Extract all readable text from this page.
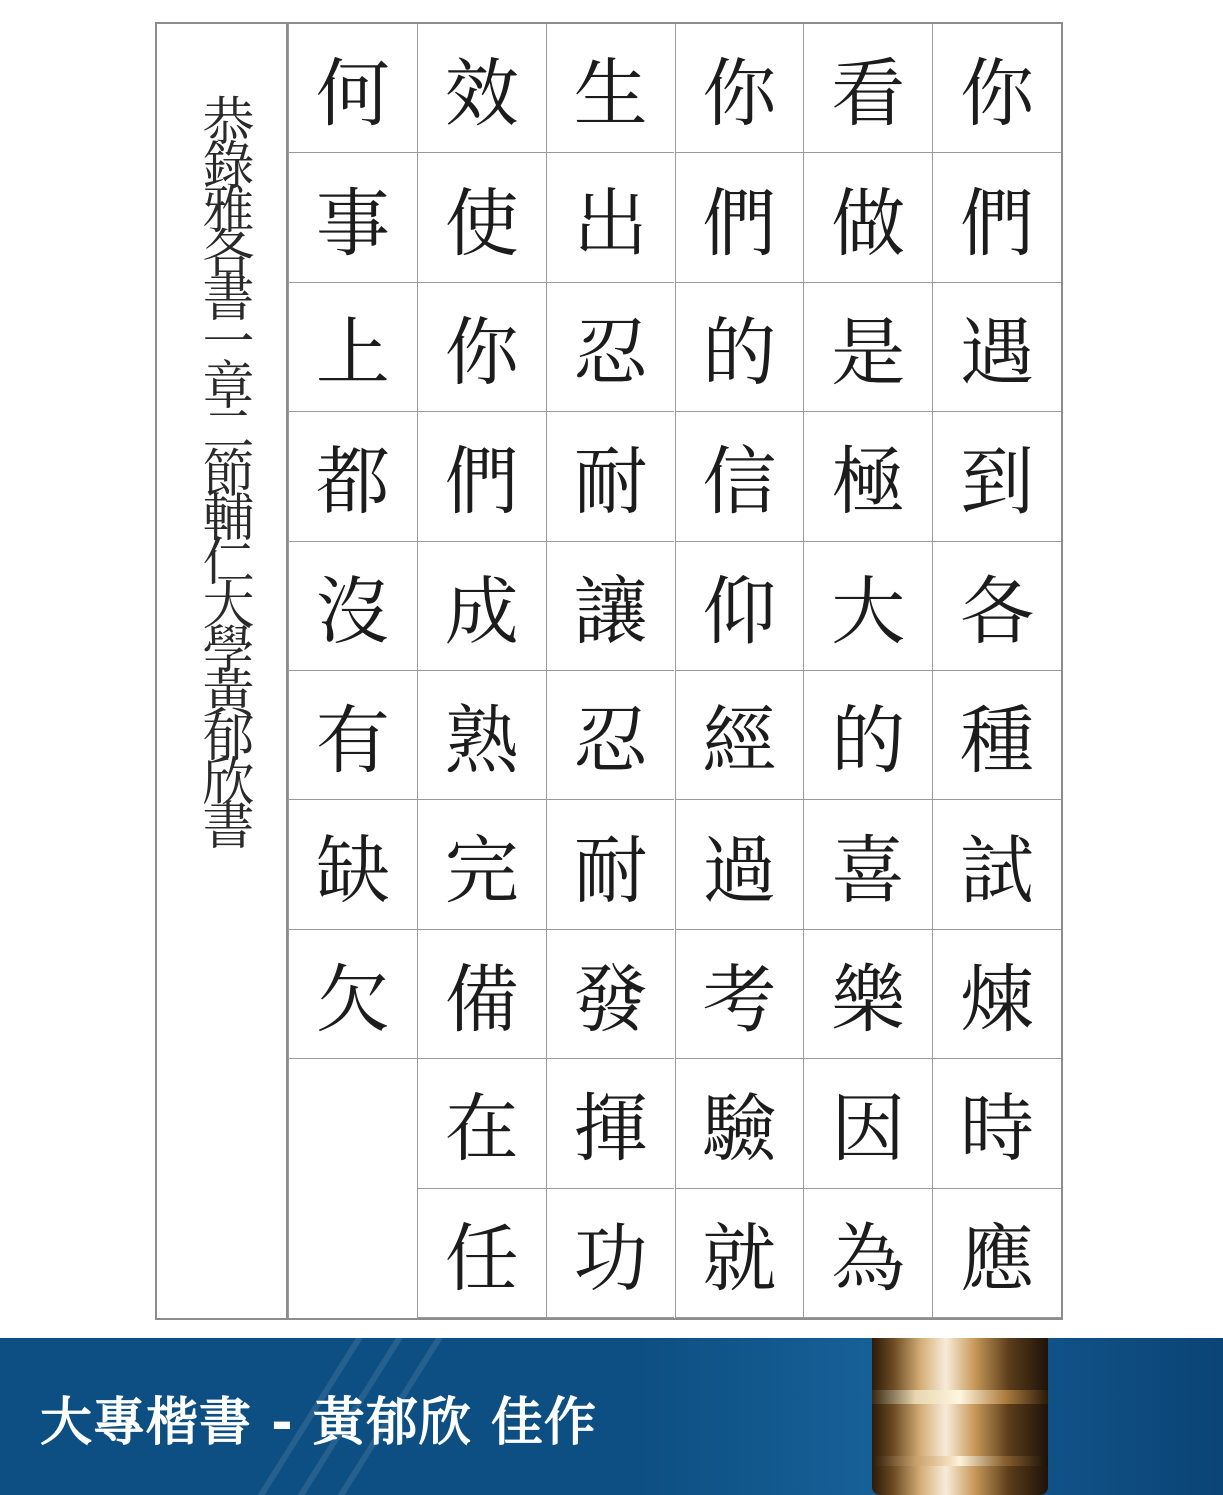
恭錄雅各書一章二節輔仁大學黃郁欣書 何
事
上
都
沒
有
缺
欠
效
使
你
們
成
熟
完
備
在
任
生
出
忍
耐
讓
忍
耐
發
揮
功
你
們
的
信
仰
經
過
考
驗
就
看
做
是
極
大
的
喜
樂
因
為
你
們
遇
到
各
種
試
煉
時
應
大專楷書 - 黃郁欣 佳作
